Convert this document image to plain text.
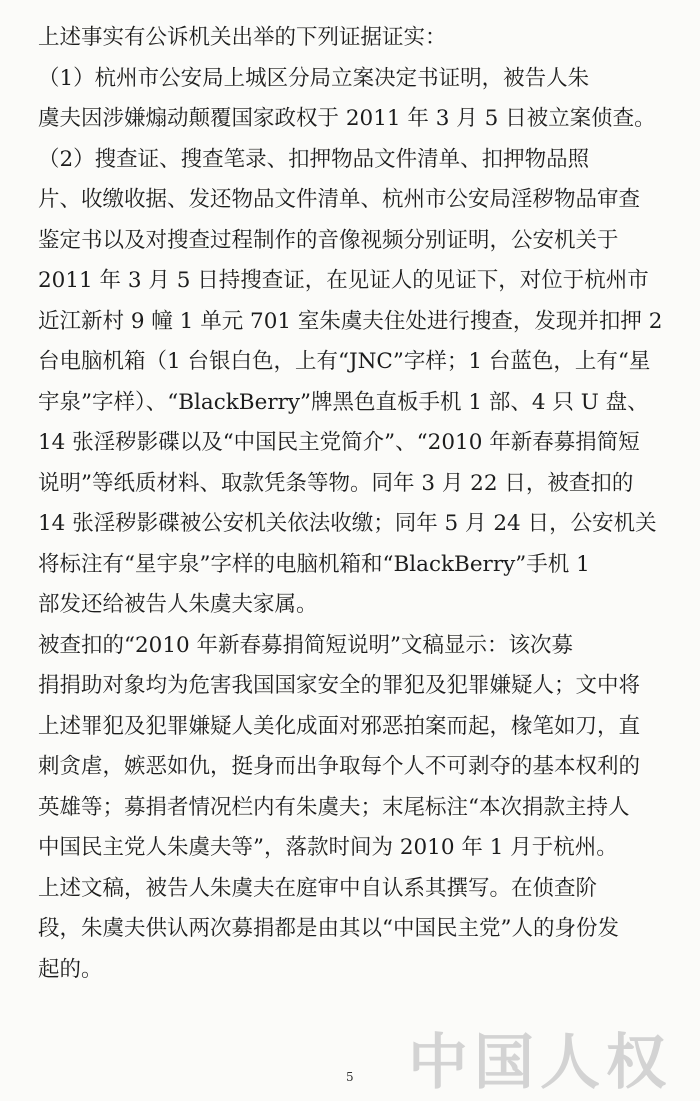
上述事实有公诉机关出举的下列证据证实：
（1）杭州市公安局上城区分局立案决定书证明，被告人朱
虞夫因涉嫌煽动颠覆国家政权于 2011 年 3 月 5 日被立案侦查。
（2）搜查证、搜查笔录、扣押物品文件清单、扣押物品照
片、收缴收据、发还物品文件清单、杭州市公安局淫秽物品审查
鉴定书以及对搜查过程制作的音像视频分别证明，公安机关于
2011 年 3 月 5 日持搜查证，在见证人的见证下，对位于杭州市
近江新村 9 幢 1 单元 701 室朱虞夫住处进行搜查，发现并扣押 2
台电脑机箱（1 台银白色，上有“JNC”字样；1 台蓝色，上有“星
宇泉”字样）、“BlackBerry”牌黑色直板手机 1 部、4 只 U 盘、
14 张淫秽影碟以及“中国民主党简介”、“2010 年新春募捐简短
说明”等纸质材料、取款凭条等物。同年 3 月 22 日，被查扣的
14 张淫秽影碟被公安机关依法收缴；同年 5 月 24 日，公安机关
将标注有“星宇泉”字样的电脑机箱和“BlackBerry”手机 1
部发还给被告人朱虞夫家属。
被查扣的“2010 年新春募捐简短说明”文稿显示：该次募
捐捐助对象均为危害我国国家安全的罪犯及犯罪嫌疑人；文中将
上述罪犯及犯罪嫌疑人美化成面对邪恶拍案而起，椽笔如刀，直
刺贪虐，嫉恶如仇，挺身而出争取每个人不可剥夺的基本权利的
英雄等；募捐者情况栏内有朱虞夫；末尾标注“本次捐款主持人
中国民主党人朱虞夫等”，落款时间为 2010 年 1 月于杭州。
上述文稿，被告人朱虞夫在庭审中自认系其撰写。在侦查阶
段，朱虞夫供认两次募捐都是由其以“中国民主党”人的身份发
起的。
中国人权
5
